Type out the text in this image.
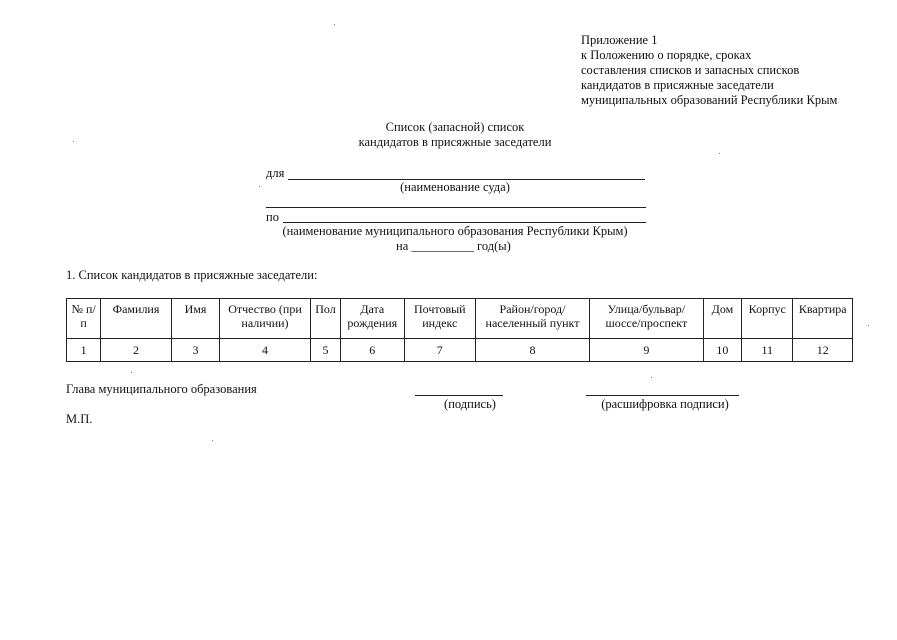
Приложение 1
к Положению о порядке, сроках
составления списков и запасных списков
кандидатов в присяжные заседатели
муниципальных образований Республики Крым
Список (запасной) список
кандидатов в присяжные заседатели
для
(наименование суда)
по
(наименование муниципального образования Республики Крым)
на __________ год(ы)
1. Список кандидатов в присяжные заседатели:
№ п/п	Фамилия	Имя	Отчество (при наличии)	Пол	Дата рождения	Почтовый индекс	Район/город/ населенный пункт	Улица/бульвар/ шоссе/проспект	Дом	Корпус	Квартира
1	2	3	4	5	6	7	8	9	10	11	12
Глава муниципального образования
(подпись)	(расшифровка подписи)
М.П.
